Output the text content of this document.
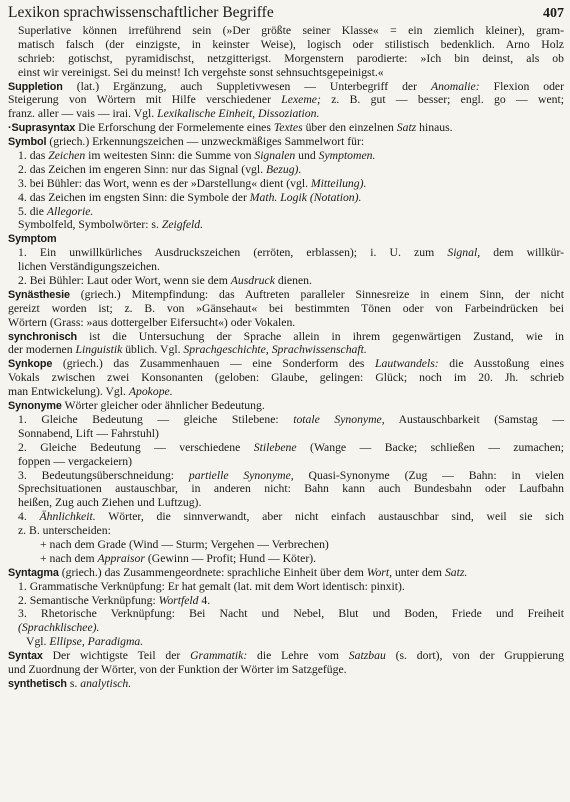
Lexikon sprachwissenschaftlicher Begriffe	407
Superlative können irreführend sein (»Der größte seiner Klasse« = ein ziemlich kleiner), gram-
matisch falsch (der einzigste, in keinster Weise), logisch oder stilistisch bedenklich. Arno Holz
schrieb: gotischst, pyramidischst, netzgitterigst. Morgenstern parodierte: »Ich bin deinst, als ob
einst wir vereinigst. Sei du meinst! Ich vergehste sonst sehnsuchtsgepeinigst.«
Suppletion (lat.) Ergänzung, auch Suppletivwesen — Unterbegriff der Anomalie: Flexion oder
Steigerung von Wörtern mit Hilfe verschiedener Lexeme; z. B. gut — besser; engl. go — went;
franz. aller — vais — irai. Vgl. Lexikalische Einheit, Dissoziation.
·Suprasyntax Die Erforschung der Formelemente eines Textes über den einzelnen Satz hinaus.
Symbol (griech.) Erkennungszeichen — unzweckmäßiges Sammelwort für:
1. das Zeichen im weitesten Sinn: die Summe von Signalen und Symptomen.
2. das Zeichen im engeren Sinn: nur das Signal (vgl. Bezug).
3. bei Bühler: das Wort, wenn es der »Darstellung« dient (vgl. Mitteilung).
4. das Zeichen im engsten Sinn: die Symbole der Math. Logik (Notation).
5. die Allegorie.
Symbolfeld, Symbolwörter: s. Zeigfeld.
Symptom
1. Ein unwillkürliches Ausdruckszeichen (erröten, erblassen); i. U. zum Signal, dem willkür-
lichen Verständigungszeichen.
2. Bei Bühler: Laut oder Wort, wenn sie dem Ausdruck dienen.
Synästhesie (griech.) Mitempfindung: das Auftreten paralleler Sinnesreize in einem Sinn, der nicht
gereizt worden ist; z. B. von »Gänsehaut« bei bestimmten Tönen oder von Farbeindrücken bei
Wörtern (Grass: »aus dottergelber Eifersucht«) oder Vokalen.
synchronisch ist die Untersuchung der Sprache allein in ihrem gegenwärtigen Zustand, wie in
der modernen Linguistik üblich. Vgl. Sprachgeschichte, Sprachwissenschaft.
Synkope (griech.) das Zusammenhauen — eine Sonderform des Lautwandels: die Ausstoßung eines
Vokals zwischen zwei Konsonanten (geloben: Glaube, gelingen: Glück; noch im 20. Jh. schrieb
man Entwickelung). Vgl. Apokope.
Synonyme Wörter gleicher oder ähnlicher Bedeutung.
1. Gleiche Bedeutung — gleiche Stilebene: totale Synonyme, Austauschbarkeit (Samstag —
Sonnabend, Lift — Fahrstuhl)
2. Gleiche Bedeutung — verschiedene Stilebene (Wange — Backe; schließen — zumachen;
foppen — vergackeiern)
3. Bedeutungsüberschneidung: partielle Synonyme, Quasi-Synonyme (Zug — Bahn: in vielen
Sprechsituationen austauschbar, in anderen nicht: Bahn kann auch Bundesbahn oder Laufbahn
heißen, Zug auch Ziehen und Luftzug).
4. Ähnlichkeit. Wörter, die sinnverwandt, aber nicht einfach austauschbar sind, weil sie sich
z. B. unterscheiden:
+ nach dem Grade (Wind — Sturm; Vergehen — Verbrechen)
+ nach dem Appraisor (Gewinn — Profit; Hund — Köter).
Syntagma (griech.) das Zusammengeordnete: sprachliche Einheit über dem Wort, unter dem Satz.
1. Grammatische Verknüpfung: Er hat gemalt (lat. mit dem Wort identisch: pinxit).
2. Semantische Verknüpfung: Wortfeld 4.
3. Rhetorische Verknüpfung: Bei Nacht und Nebel, Blut und Boden, Friede und Freiheit
(Sprachklischee).
Vgl. Ellipse, Paradigma.
Syntax Der wichtigste Teil der Grammatik: die Lehre vom Satzbau (s. dort), von der Gruppierung
und Zuordnung der Wörter, von der Funktion der Wörter im Satzgefüge.
synthetisch s. analytisch.
